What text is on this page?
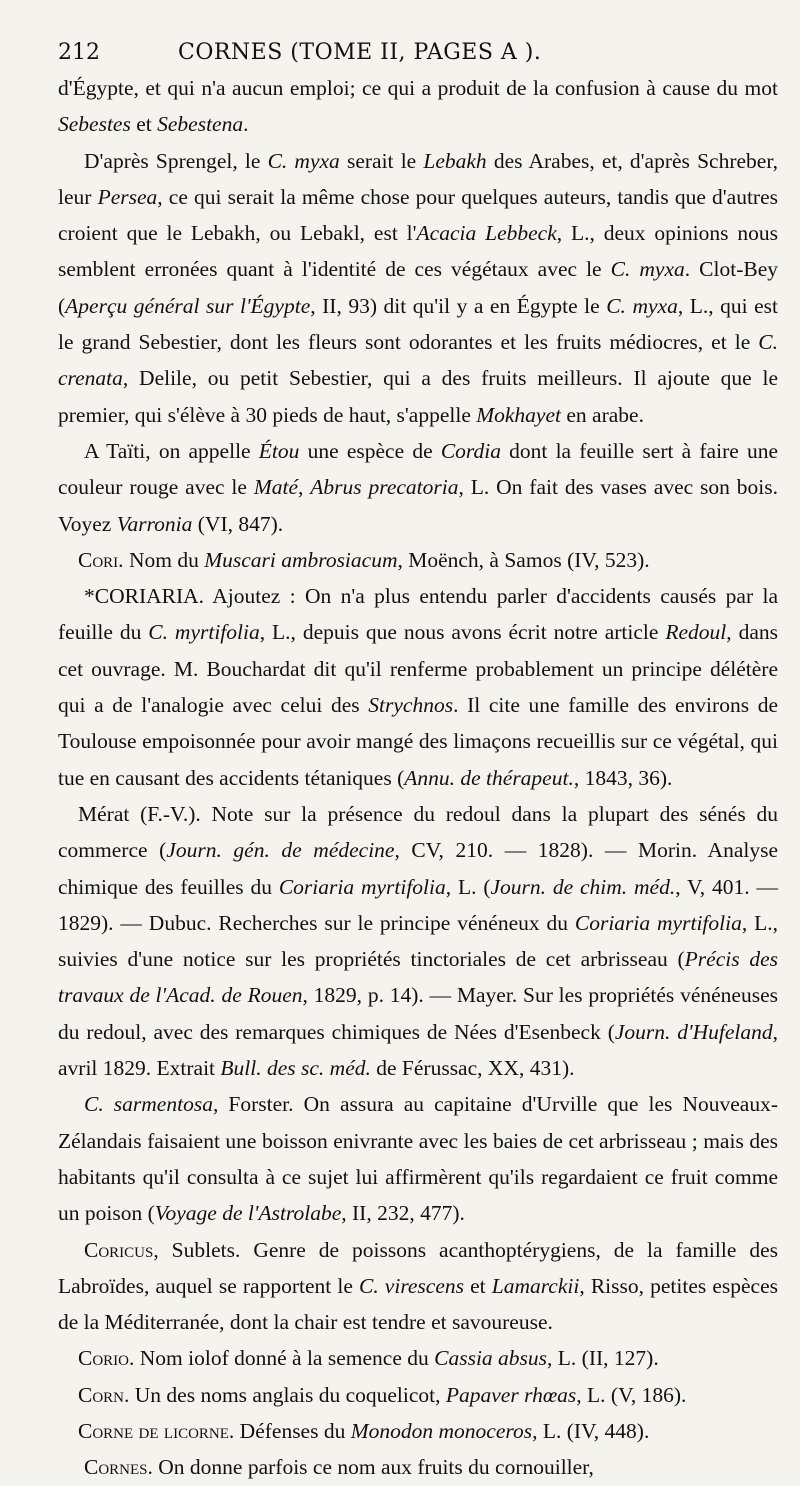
212	CORNES (TOME II, PAGES A ).

d'Égypte, et qui n'a aucun emploi; ce qui a produit de la confusion à cause du mot Sebestes et Sebestena.

D'après Sprengel, le C. myxa serait le Lebakh des Arabes, et, d'après Schreber, leur Persea, ce qui serait la même chose pour quelques auteurs, tandis que d'autres croient que le Lebakh, ou Lebakl, est l'Acacia Lebbeck, L., deux opinions nous semblent erronées quant à l'identité de ces végétaux avec le C. myxa. Clot-Bey (Aperçu général sur l'Égypte, II, 93) dit qu'il y a en Égypte le C. myxa, L., qui est le grand Sebestier, dont les fleurs sont odorantes et les fruits médiocres, et le C. crenata, Delile, ou petit Sebestier, qui a des fruits meilleurs. Il ajoute que le premier, qui s'élève à 30 pieds de haut, s'appelle Mokhayet en arabe.

A Taïti, on appelle Étou une espèce de Cordia dont la feuille sert à faire une couleur rouge avec le Maté, Abrus precatoria, L. On fait des vases avec son bois. Voyez Varronia (VI, 847).

Cori. Nom du Muscari ambrosiacum, Moënch, à Samos (IV, 523).

*CORIARIA. Ajoutez : On n'a plus entendu parler d'accidents causés par la feuille du C. myrtifolia, L., depuis que nous avons écrit notre article Redoul, dans cet ouvrage. M. Bouchardat dit qu'il renferme probablement un principe délétère qui a de l'analogie avec celui des Strychnos. Il cite une famille des environs de Toulouse empoisonnée pour avoir mangé des limaçons recueillis sur ce végétal, qui tue en causant des accidents tétaniques (Annu. de thérapeut., 1843, 36).

Mérat (F.-V.). Note sur la présence du redoul dans la plupart des sénés du commerce (Journ. gén. de médecine, CV, 210. — 1828). — Morin. Analyse chimique des feuilles du Coriaria myrtifolia, L. (Journ. de chim. méd., V, 401. — 1829). — Dubuc. Recherches sur le principe vénéneux du Coriaria myrtifolia, L., suivies d'une notice sur les propriétés tinctoriales de cet arbrisseau (Précis des travaux de l'Acad. de Rouen, 1829, p. 14). — Mayer. Sur les propriétés vénéneuses du redoul, avec des remarques chimiques de Nées d'Esenbeck (Journ. d'Hufeland, avril 1829. Extrait Bull. des sc. méd. de Férussac, XX, 431).

C. sarmentosa, Forster. On assura au capitaine d'Urville que les Nouveaux-Zélandais faisaient une boisson enivrante avec les baies de cet arbrisseau ; mais des habitants qu'il consulta à ce sujet lui affirmèrent qu'ils regardaient ce fruit comme un poison (Voyage de l'Astrolabe, II, 232, 477).

Coricus, Sublets. Genre de poissons acanthoptérygiens, de la famille des Labroïdes, auquel se rapportent le C. virescens et Lamarckii, Risso, petites espèces de la Méditerranée, dont la chair est tendre et savoureuse.

Corio. Nom iolof donné à la semence du Cassia absus, L. (II, 127).

Corn. Un des noms anglais du coquelicot, Papaver rhœas, L. (V, 186).

Corne de licorne. Défenses du Monodon monoceros, L. (IV, 448).

Cornes. On donne parfois ce nom aux fruits du cornouiller,
